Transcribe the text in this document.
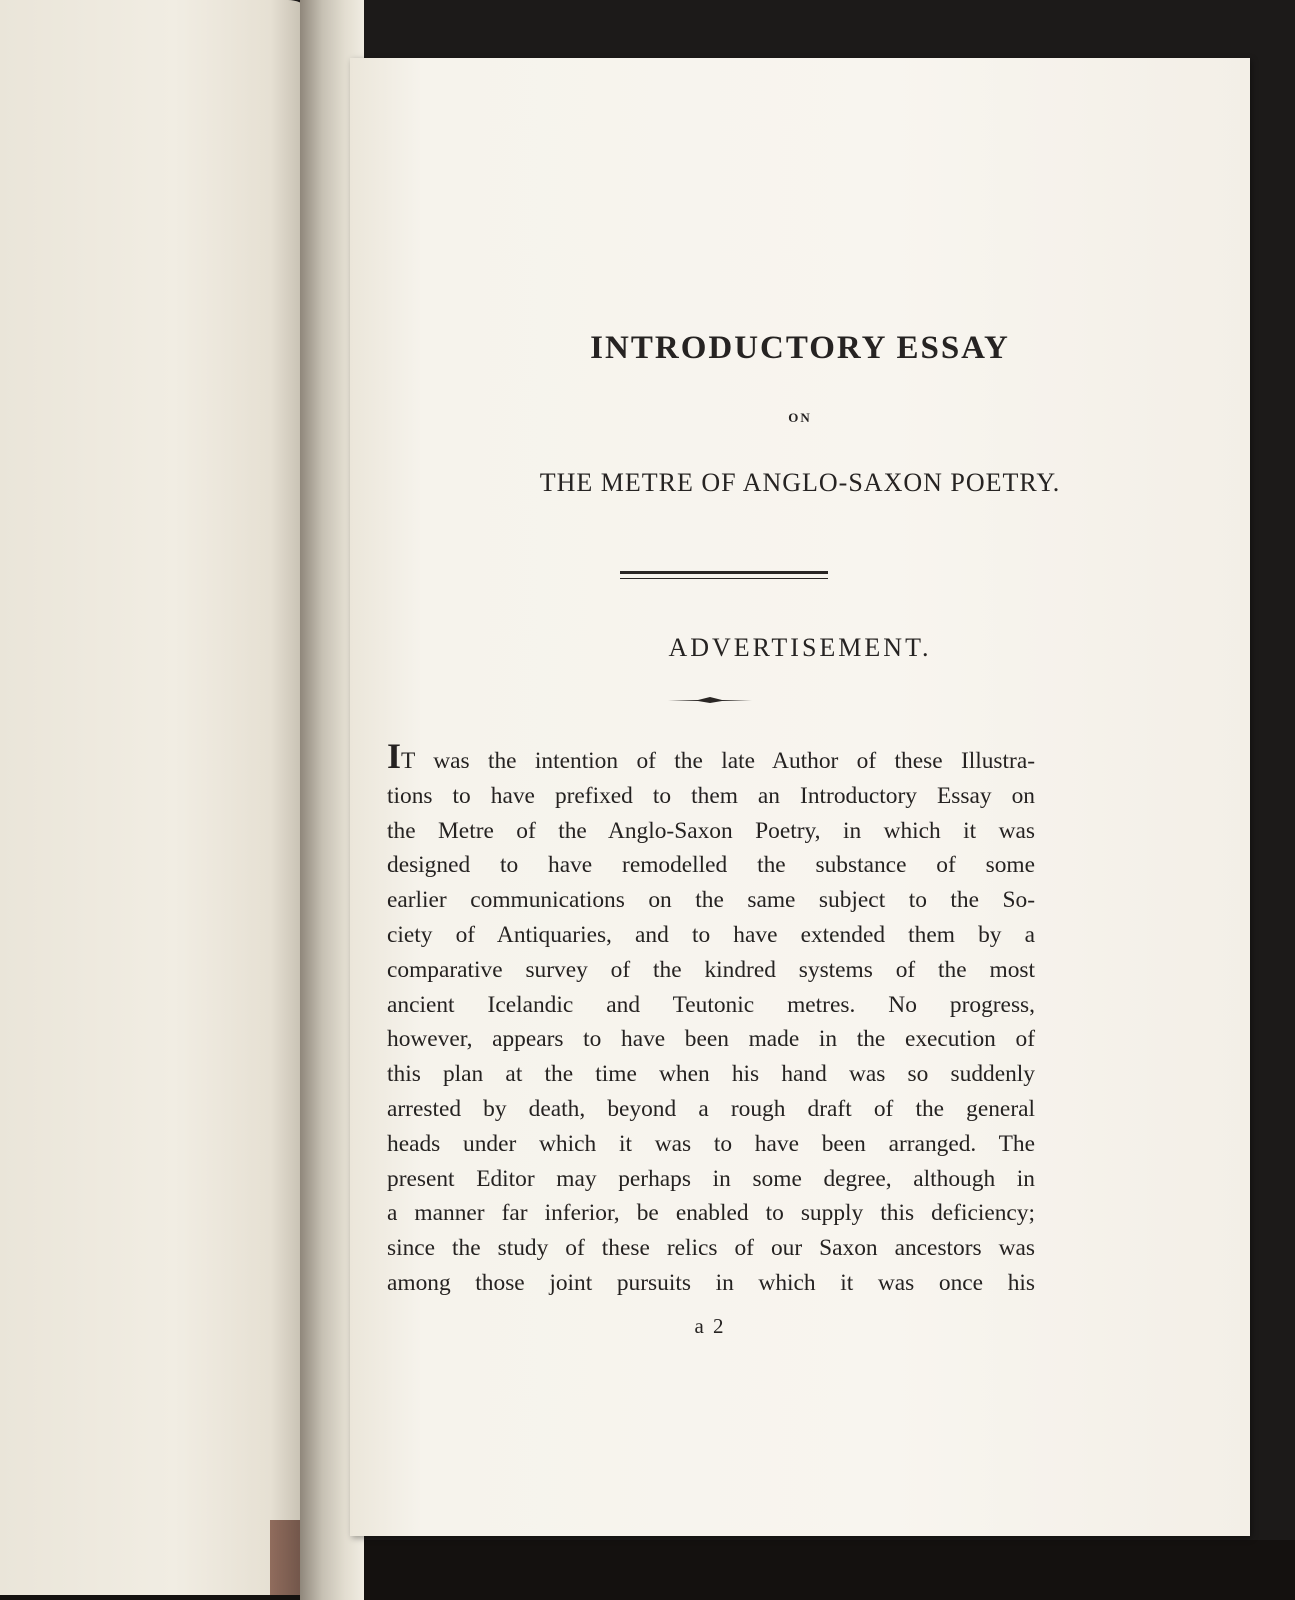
INTRODUCTORY ESSAY
ON
THE METRE OF ANGLO-SAXON POETRY.
ADVERTISEMENT.
IT was the intention of the late Author of these Illustra-
tions to have prefixed to them an Introductory Essay on
the Metre of the Anglo-Saxon Poetry, in which it was
designed to have remodelled the substance of some
earlier communications on the same subject to the So-
ciety of Antiquaries, and to have extended them by a
comparative survey of the kindred systems of the most
ancient Icelandic and Teutonic metres. No progress,
however, appears to have been made in the execution of
this plan at the time when his hand was so suddenly
arrested by death, beyond a rough draft of the general
heads under which it was to have been arranged. The
present Editor may perhaps in some degree, although in
a manner far inferior, be enabled to supply this deficiency;
since the study of these relics of our Saxon ancestors was
among those joint pursuits in which it was once his
a 2
